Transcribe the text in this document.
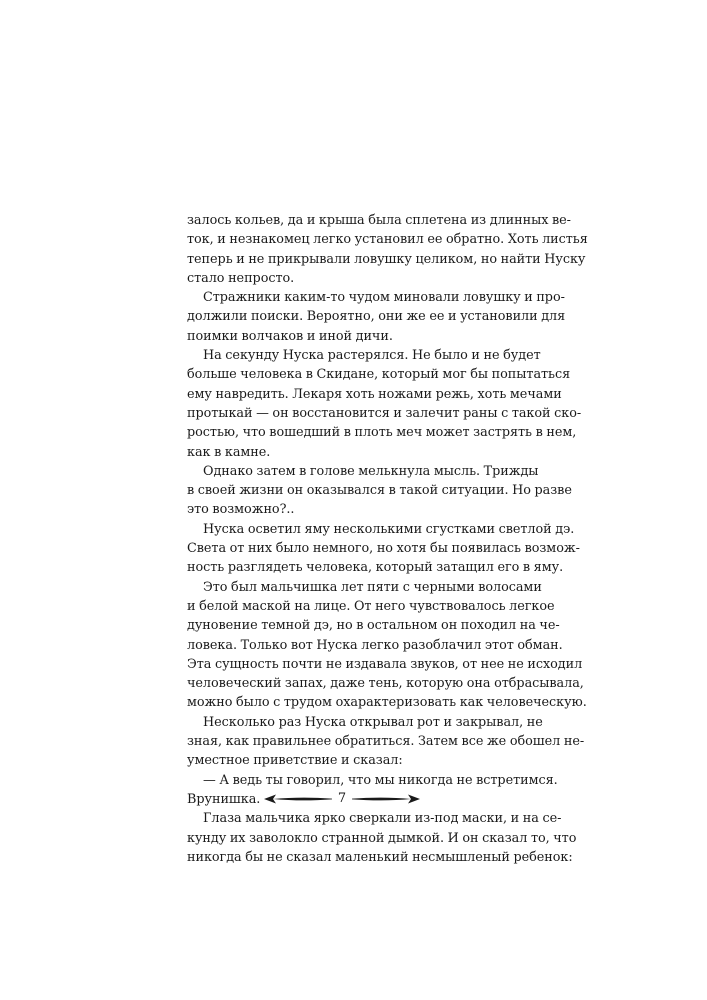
залось кольев, да и крыша была сплетена из длинных ве-
ток, и незнакомец легко установил ее обратно. Хоть листья
теперь и не прикрывали ловушку целиком, но найти Нуску
стало непросто.
Стражники каким-то чудом миновали ловушку и про-
должили поиски. Вероятно, они же ее и установили для
поимки волчаков и иной дичи.
На секунду Нуска растерялся. Не было и не будет
больше человека в Скидане, который мог бы попытаться
ему навредить. Лекаря хоть ножами режь, хоть мечами
протыкай — он восстановится и залечит раны с такой ско-
ростью, что вошедший в плоть меч может застрять в нем,
как в камне.
Однако затем в голове мелькнула мысль. Трижды
в своей жизни он оказывался в такой ситуации. Но разве
это возможно?..
Нуска осветил яму несколькими сгустками светлой дэ.
Света от них было немного, но хотя бы появилась возмож-
ность разглядеть человека, который затащил его в яму.
Это был мальчишка лет пяти с черными волосами
и белой маской на лице. От него чувствовалось легкое
дуновение темной дэ, но в остальном он походил на че-
ловека. Только вот Нуска легко разоблачил этот обман.
Эта сущность почти не издавала звуков, от нее не исходил
человеческий запах, даже тень, которую она отбрасывала,
можно было с трудом охарактеризовать как человеческую.
Несколько раз Нуска открывал рот и закрывал, не
зная, как правильнее обратиться. Затем все же обошел не-
уместное приветствие и сказал:
— А ведь ты говорил, что мы никогда не встретимся.
Врунишка.
Глаза мальчика ярко сверкали из-под маски, и на се-
кунду их заволокло странной дымкой. И он сказал то, что
никогда бы не сказал маленький несмышленый ребенок:
7
